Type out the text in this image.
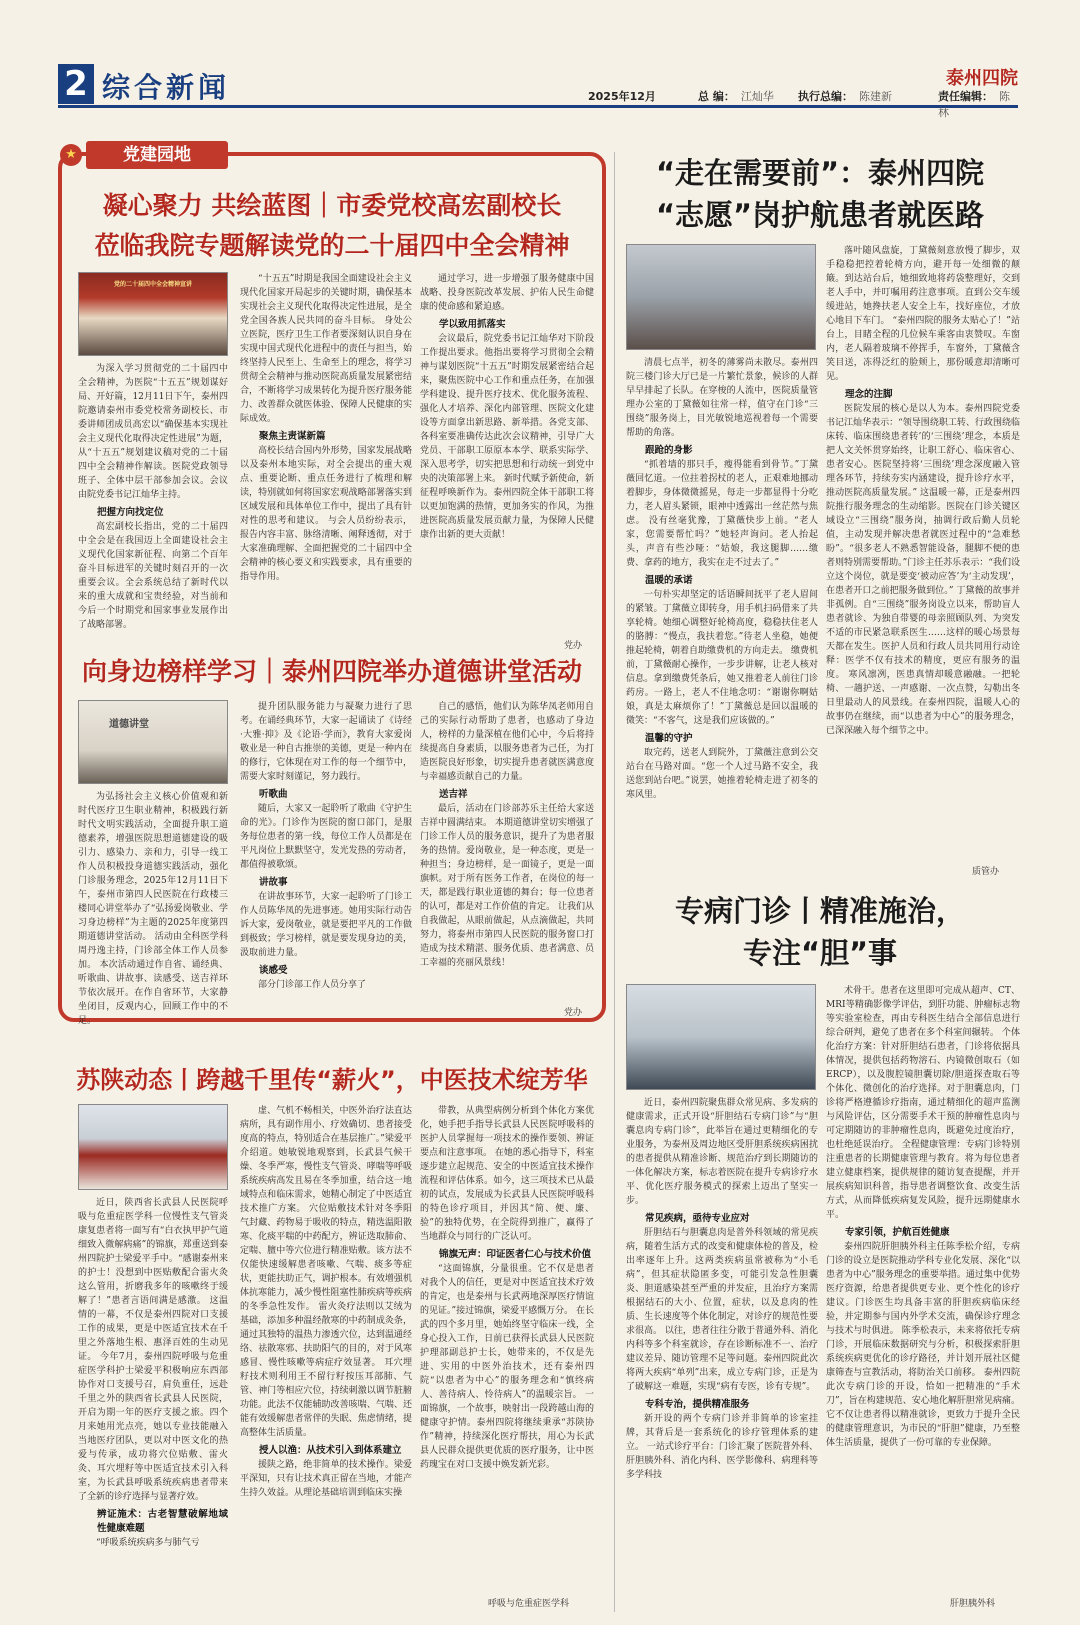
2 综合新闻	2025年12月	总 编： 江灿华 执行总编： 陈建新	责任编辑： 陈林
泰州四院
★	党建园地
凝心聚力 共绘蓝图｜市委党校高宏副校长
莅临我院专题解读党的二十届四中全会精神
党的二十届四中全会精神宣讲

为深入学习贯彻党的二十届四中全会精神，为医院“十五五”规划谋好局、开好篇，12月11日下午，泰州四院邀请泰州市委党校常务副校长、市委讲师团成员高宏以“确保基本实现社会主义现代化取得决定性进展”为题，从“十五五”规划建议稿对党的二十届四中全会精神作解读。医院党政领导班子、全体中层干部参加会议。会议由院党委书记江灿华主持。

把握方向找定位

高宏副校长指出，党的二十届四中全会是在我国迈上全面建设社会主义现代化国家新征程、向第二个百年奋斗目标进军的关键时刻召开的一次重要会议。全会系统总结了新时代以来的重大成就和宝贵经验，对当前和今后一个时期党和国家事业发展作出了战略部署。

“十五五”时期是我国全面建设社会主义现代化国家开局起步的关键时期，确保基本实现社会主义现代化取得决定性进展，是全党全国各族人民共同的奋斗目标。 身处公立医院，医疗卫生工作者要深刻认识自身在实现中国式现代化进程中的责任与担当，始终坚持人民至上、生命至上的理念，将学习贯彻全会精神与推动医院高质量发展紧密结合，不断将学习成果转化为提升医疗服务能力、改善群众就医体验、保障人民健康的实际成效。

聚焦主责谋新篇

高校长结合国内外形势，国家发展战略以及泰州本地实际，对全会提出的重大观点、重要论断、重点任务进行了梳理和解读，特别就如何将国家宏观战略部署落实到区域发展和具体单位工作中，提出了具有针对性的思考和建议。 与会人员纷纷表示，报告内容丰富、脉络清晰、阐释透彻，对于大家准确理解、全面把握党的二十届四中全会精神的核心要义和实践要求，具有重要的指导作用。

通过学习，进一步增强了服务健康中国战略、投身医院改革发展、护佑人民生命健康的使命感和紧迫感。

学以致用抓落实

会议最后，院党委书记江灿华对下阶段工作提出要求。他指出要将学习贯彻全会精神与谋划医院“十五五”时期发展紧密结合起来，聚焦医院中心工作和重点任务，在加强学科建设、提升医疗技术、优化服务流程、强化人才培养、深化内部管理、医院文化建设等方面拿出新思路、新举措。各党支部、各科室要准确传达此次会议精神，引导广大党员、干部职工原原本本学、联系实际学、深入思考学，切实把思想和行动统一到党中央的决策部署上来。 新时代赋予新使命，新征程呼唤新作为。泰州四院全体干部职工将以更加饱满的热情，更加务实的作风，为推进医院高质量发展贡献力量，为保障人民健康作出新的更大贡献！

党办
向身边榜样学习｜泰州四院举办道德讲堂活动
道德讲堂

为弘扬社会主义核心价值观和新时代医疗卫生职业精神，积极践行新时代文明实践活动，全面提升职工道德素养，增强医院思想道德建设的吸引力、感染力、亲和力，引导一线工作人员积极投身道德实践活动，强化门诊服务理念，2025年12月11日下午，泰州市第四人民医院在行政楼三楼同心讲堂举办了“弘扬爱岗敬业、学习身边榜样”为主题的2025年度第四期道德讲堂活动。 活动由全科医学科周丹逸主持，门诊部全体工作人员参加。 本次活动通过作自省、诵经典、听歌曲、讲故事、读感受、送吉祥环节依次展开。在作自省环节，大家静坐闭目，反观内心，回顾工作中的不足。

提升团队服务能力与凝聚力进行了思考。在诵经典环节，大家一起诵读了《诗经·大雅·抑》及《论语·学而》，教育大家爱岗敬业是一种自古推崇的美德，更是一种内在的修行，它体现在对工作的每一个细节中，需要大家时刻谨记，努力践行。

听歌曲

随后，大家又一起聆听了歌曲《守护生命的光》。门诊作为医院的窗口部门，是服务每位患者的第一线，每位工作人员都是在平凡岗位上默默坚守，发光发热的劳动者，都值得被歌颂。

讲故事

在讲故事环节，大家一起聆听了门诊工作人员陈华凤的先进事迹。她用实际行动告诉大家，爱岗敬业，就是要把平凡的工作做到极致；学习榜样，就是要发现身边的美，汲取前进力量。

谈感受

部分门诊部工作人员分享了

自己的感悟，他们认为陈华凤老师用自己的实际行动帮助了患者，也感动了身边人，榜样的力量深植在他们心中，今后将持续提高自身素质，以服务患者为己任，为打造医院良好形象，切实提升患者就医满意度与幸福感贡献自己的力量。

送吉祥

最后，活动在门诊部苏乐主任给大家送吉祥中圆满结束。 本期道德讲堂切实增强了门诊工作人员的服务意识，提升了为患者服务的热情。爱岗敬业，是一种态度，更是一种担当；身边榜样，是一面镜子，更是一面旗帜。对于所有医务工作者，在岗位的每一天，都是践行职业道德的舞台；每一位患者的认可，都是对工作价值的肯定。 让我们从自我做起，从眼前做起，从点滴做起，共同努力，将泰州市第四人民医院的服务窗口打造成为技术精湛、服务优质、患者满意、员工幸福的亮丽风景线！

党办
苏陕动态丨跨越千里传“薪火”，中医技术绽芳华

近日，陕西省长武县人民医院呼吸与危重症医学科一位慢性支气管炎康复患者将一面写有“白衣执甲护气道 细致入微解病痛”的锦旗，郑重送到泰州四院护士梁爱平手中。“感谢泰州来的护士！没想到中医贴敷配合雷火灸这么管用，折磨我多年的咳嗽终于缓解了！”患者言语间满是感激。 这温情的一幕，不仅是泰州四院对口支援工作的成果，更是中医适宜技术在千里之外落地生根、惠泽百姓的生动见证。 今年7月，泰州四院呼吸与危重症医学科护士梁爱平积极响应东西部协作对口支援号召，肩负重任，远赴千里之外的陕西省长武县人民医院，开启为期一年的医疗支援之旅。四个月来她用光点亮，她以专业技能融入当地医疗团队，更以对中医文化的热爱与传承，成功将穴位贴敷、雷火灸、耳穴埋籽等中医适宜技术引入科室，为长武县呼吸系统疾病患者带来了全新的诊疗选择与显著疗效。

辨证施术：古老智慧破解地域性健康难题

“呼吸系统疾病多与肺气亏

虚、气机不畅相关，中医外治疗法直达病所，具有副作用小、疗效确切、患者接受度高的特点，特别适合在基层推广。”梁爱平介绍道。她敏锐地观察到，长武县气候干燥、冬季严寒，慢性支气管炎、哮喘等呼吸系统疾病高发且易在冬季加重，结合这一地域特点和临床需求，她精心制定了中医适宜技术推广方案。 穴位贴敷技术针对冬季阳气封藏、药物易于吸收的特点，精选温阳散寒、化痰平喘的中药配方，辨证选取肺俞、定喘、膻中等穴位进行精准贴敷。该方法不仅能快速缓解患者咳嗽、气喘、痰多等症状，更能扶助正气，调护根本。有效增强机体抗寒能力，减少慢性阻塞性肺疾病等疾病的冬季急性发作。 雷火灸疗法则以艾绒为基础，添加多种温经散寒的中药制成灸条，通过其独特的温热力渗透穴位，达到温通经络、祛散寒邪、扶助阳气的目的，对于风寒感冒、慢性咳嗽等病症疗效显著。 耳穴埋籽技术则利用王不留行籽按压耳部肺、气管、神门等相应穴位，持续刺激以调节脏腑功能。此法不仅能辅助改善咳喘、气喘、还能有效缓解患者常伴的失眠、焦虑情绪，提高整体生活质量。

授人以渔：从技术引入到体系建立

援陕之路，绝非简单的技术操作。梁爱平深知，只有让技术真正留在当地，才能产生持久效益。从理论基础培训到临床实操

带教，从典型病例分析到个体化方案优化，她手把手指导长武县人民医院呼吸科的医护人员掌握每一项技术的操作要领、辨证要点和注意事项。 在她的悉心指导下，科室逐步建立起规范、安全的中医适宜技术操作流程和评估体系。如今，这三项技术已从最初的试点，发展成为长武县人民医院呼吸科的特色诊疗项目，并因其“简、便、廉、验”的独特优势，在全院得到推广，赢得了当地群众与同行的广泛认可。

锦旗无声：印证医者仁心与技术价值

“这面锦旗，分量很重。它不仅是患者对我个人的信任，更是对中医适宜技术疗效的肯定，也是泰州与长武两地深厚医疗情谊的见证。”接过锦旗，梁爱平感慨万分。 在长武的四个多月里，她始终坚守临床一线，全身心投入工作，日前已获得长武县人民医院护理部副总护士长，她带来的，不仅是先进、实用的中医外治技术，还有泰州四院“以患者为中心”的服务理念和“慎终病人、善待病人、怜待病人”的温暖宗旨。 一面锦旗，一个故事，映射出一段跨越山海的健康守护情。泰州四院将继续秉承“苏陕协作”精神，持续深化医疗帮扶，用心为长武县人民群众提供更优质的医疗服务，让中医药瑰宝在对口支援中焕发新光彩。

呼吸与危重症医学科
“走在需要前”：泰州四院
“志愿”岗护航患者就医路

清晨七点半，初冬的薄雾尚未散尽。泰州四院三楼门诊大厅已是一片繁忙景象，候诊的人群早早排起了长队。在穿梭的人流中，医院质量管理办公室的丁黛薇如往常一样，值守在门诊“三围绕”服务岗上，目光敏锐地巡视着每一个需要帮助的角落。

跟跄的身影

“抓着墙的那只手，瘦得能看到骨节。”丁黛薇回忆道。一位拄着拐杖的老人，正艰难地挪动着脚步，身体微微摇晃，每走一步都显得十分吃力，老人眉头紧锁，眼神中透露出一丝茫然与焦虑。 没有丝毫犹豫，丁黛薇快步上前。“老人家，您需要帮忙吗？”她轻声询问。老人抬起头，声音有些沙哑：“姑娘，我这腿脚……缴费、拿药的地方，我实在走不过去了。”

温暖的承诺

一句朴实却坚定的话语瞬间抚平了老人眉间的紧皱。丁黛薇立即转身，用手机扫码借来了共享轮椅。她细心调整好轮椅高度，稳稳扶住老人的胳膊：“慢点，我扶着您。”待老人坐稳，她便推起轮椅，朝着自助缴费机的方向走去。 缴费机前，丁黛薇耐心操作，一步步讲解，让老人核对信息。拿到缴费凭条后，她又推着老人前往门诊药房。一路上，老人不住地念叨：“谢谢你啊姑娘，真是太麻烦你了！”丁黛薇总是回以温暖的微笑：“不客气，这是我们应该做的。”

温馨的守护

取完药，送老人到院外，丁黛薇注意到公交站台在马路对面。“您一个人过马路不安全，我送您到站台吧。”说罢，她推着轮椅走进了初冬的寒风里。

落叶随风盘旋，丁黛薇刻意放慢了脚步，双手稳稳把控着轮椅方向，避开每一处细微的颠簸。到达站台后，她细致地将药袋整理好，交到老人手中，并叮嘱用药注意事项。直到公交车缓缓进站，她搀扶老人安全上车，找好座位，才放心地目下车门。 “泰州四院的服务太贴心了！”站台上，目睹全程的几位候车乘客由衷赞叹。车窗内，老人隔着玻璃不停挥手，车窗外，丁黛薇含笑目送，冻得泛红的脸颊上，那份暖意却清晰可见。

理念的注脚

医院发展的核心是以人为本。泰州四院党委书记江灿华表示：“领导围绕职工转、行政围绕临床转、临床围绕患者转’的‘三围绕’理念，本质是把人文关怀贯穿始终，让职工舒心、临床省心、患者安心。医院坚持将‘三围绕’理念深度融入管理各环节，持续夯实内涵建设，提升诊疗水平，推动医院高质量发展。” 这温暖一幕，正是泰州四院推行服务理念的生动缩影。医院在门诊关键区域设立“三围绕”服务岗，抽调行政后勤人员轮值，主动发现并解决患者就医过程中的“急难愁盼”。“很多老人不熟悉智能设备，腿脚不便的患者则特别需要帮助。”门诊主任苏乐表示：“我们设立这个岗位，就是要变‘被动应答’为‘主动发现’，在患者开口之前把服务做到位。” 丁黛薇的故事并非孤例。自“三围绕”服务岗设立以来，帮助盲人患者就诊、为独自带婴的母亲照顾队列、为突发不适的市民紧急联系医生……这样的暖心场景每天都在发生。医护人员和行政人员共同用行动诠释：医学不仅有技术的精度，更应有服务的温度。 寒风凛冽，医患真情却暖意融融。一把轮椅、一趟护送、一声感谢、一次点赞，勾勒出冬日里最动人的风景线。在泰州四院，温暖人心的故事仍在继续，而“以患者为中心”的服务理念，已深深融入每个细节之中。

质管办
专病门诊丨精准施治，
专注“胆”事

近日，泰州四院聚焦群众常见病、多发病的健康需求，正式开设“肝胆结石专病门诊”与“胆囊息肉专病门诊”，此举旨在通过更精细化的专业服务，为泰州及周边地区受肝胆系统疾病困扰的患者提供从精准诊断、规范治疗到长期随访的一体化解决方案，标志着医院在提升专病诊疗水平、优化医疗服务模式的探索上迈出了坚实一步。

常见疾病，亟待专业应对

肝胆结石与胆囊息肉是普外科领域的常见疾病，随着生活方式的改变和健康体检的普及，检出率逐年上升。这两类疾病虽常被称为“小毛病”，但其症状隐匿多变，可能引发急性胆囊炎、胆道感染甚至严重的并发症，且治疗方案需根据结石的大小、位置，症状，以及息肉的性质、生长速度等个体化制定，对诊疗的规范性要求很高。 以往，患者往往分散于普通外科、消化内科等多个科室就诊，存在诊断标准不一、治疗建议差异、随访管理不足等问题。泰州四院此次将两大疾病“单列”出来，成立专病门诊，正是为了破解这一难题，实现“病有专医，诊有专规”。

专科专治，提供精准服务

新开设的两个专病门诊并非简单的诊室挂牌，其背后是一套系统化的诊疗管理体系的建立。 一站式诊疗平台：门诊汇聚了医院普外科、肝胆胰外科、消化内科、医学影像科、病理科等多学科技

术骨干。患者在这里即可完成从超声、CT、MRI等精确影像学评估，到肝功能、肿瘤标志物等实验室检查，再由专科医生结合全部信息进行综合研判，避免了患者在多个科室间辗转。 个体化治疗方案：针对肝胆结石患者，门诊将依据具体情况，提供包括药物溶石、内镜微创取石（如ERCP），以及腹腔镜胆囊切除/胆道探查取石等个体化、微创化的治疗选择。对于胆囊息肉，门诊将严格遵循诊疗指南，通过精细化的超声监测与风险评估，区分需要手术干预的肿瘤性息肉与可定期随访的非肿瘤性息肉，既避免过度治疗，也杜绝延误治疗。 全程健康管理：专病门诊特别注重患者的长期健康管理与教育。将为每位患者建立健康档案，提供规律的随访复查提醒，并开展疾病知识科普，指导患者调整饮食、改变生活方式，从而降低疾病复发风险，提升远期健康水平。

专家引领，护航百姓健康

泰州四院肝胆胰外科主任陈季松介绍，专病门诊的设立是医院推动学科专业化发展、深化“以患者为中心”服务理念的重要举措。通过集中优势医疗资源，给患者提供更专业、更个性化的诊疗建议。门诊医生均具备丰富的肝胆疾病临床经验，并定期参与国内外学术交流，确保诊疗理念与技术与时俱进。 陈季松表示，未来将依托专病门诊，开展临床数据研究与分析，积极探索肝胆系统疾病更优化的诊疗路径，并计划开展社区健康筛查与宣教活动，将防治关口前移。 泰州四院此次专病门诊的开设，恰如一把精准的“手术刀”，旨在构建规范、安心地化解肝胆常见病痛。它不仅让患者得以精准就诊，更致力于提升全民的健康管理意识，为市民的“肝胆”健康，乃至整体生活质量，提供了一份可靠的专业保障。

肝胆胰外科
